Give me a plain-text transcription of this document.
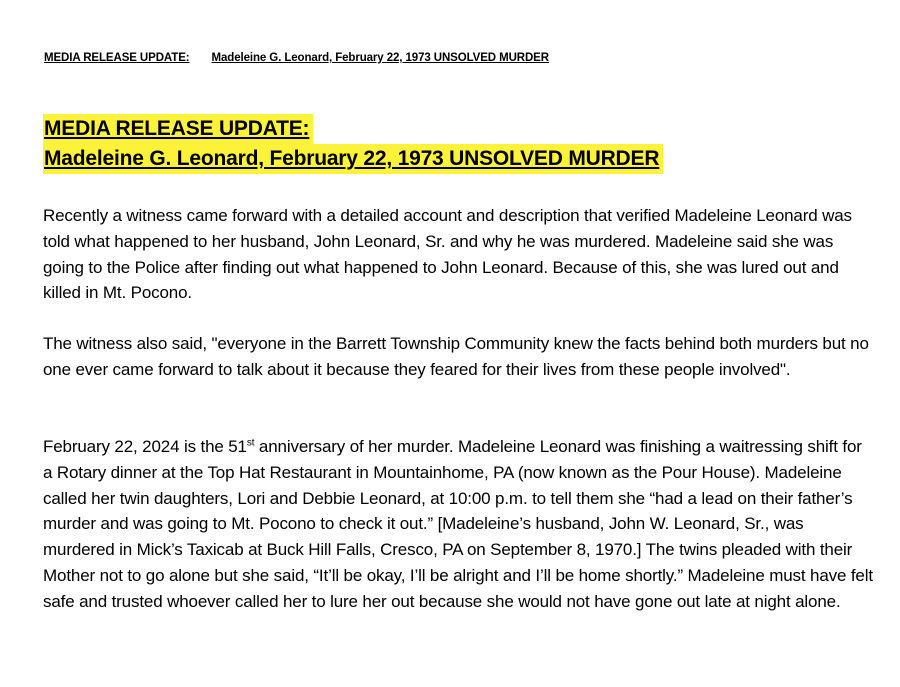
MEDIA RELEASE UPDATE: Madeleine G. Leonard, February 22, 1973 UNSOLVED MURDER
MEDIA RELEASE UPDATE:
Madeleine G. Leonard, February 22, 1973 UNSOLVED MURDER

Recently a witness came forward with a detailed account and description that verified Madeleine Leonard was told what happened to her husband, John Leonard, Sr. and why he was murdered. Madeleine said she was going to the Police after finding out what happened to John Leonard. Because of this, she was lured out and killed in Mt. Pocono.

The witness also said, "everyone in the Barrett Township Community knew the facts behind both murders but no one ever came forward to talk about it because they feared for their lives from these people involved".

February 22, 2024 is the 51st anniversary of her murder. Madeleine Leonard was finishing a waitressing shift for a Rotary dinner at the Top Hat Restaurant in Mountainhome, PA (now known as the Pour House). Madeleine called her twin daughters, Lori and Debbie Leonard, at 10:00 p.m. to tell them she “had a lead on their father’s murder and was going to Mt. Pocono to check it out.” [Madeleine’s husband, John W. Leonard, Sr., was murdered in Mick’s Taxicab at Buck Hill Falls, Cresco, PA on September 8, 1970.] The twins pleaded with their Mother not to go alone but she said, “It’ll be okay, I’ll be alright and I’ll be home shortly.” Madeleine must have felt safe and trusted whoever called her to lure her out because she would not have gone out late at night alone.
